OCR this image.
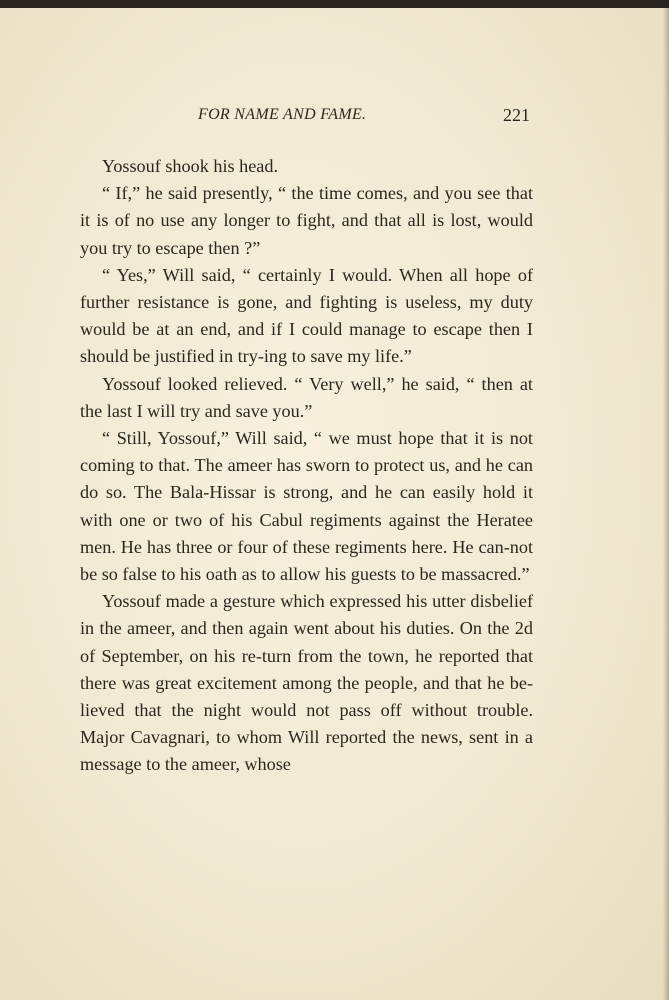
FOR NAME AND FAME.	221

Yossouf shook his head.

“ If,” he said presently, “ the time comes, and you see that it is of no use any longer to fight, and that all is lost, would you try to escape then ?”

“ Yes,” Will said, “ certainly I would. When all hope of further resistance is gone, and fighting is useless, my duty would be at an end, and if I could manage to escape then I should be justified in try-ing to save my life.”

Yossouf looked relieved. “ Very well,” he said, “ then at the last I will try and save you.”

“ Still, Yossouf,” Will said, “ we must hope that it is not coming to that. The ameer has sworn to protect us, and he can do so. The Bala-Hissar is strong, and he can easily hold it with one or two of his Cabul regiments against the Heratee men. He has three or four of these regiments here. He can-not be so false to his oath as to allow his guests to be massacred.”

Yossouf made a gesture which expressed his utter disbelief in the ameer, and then again went about his duties. On the 2d of September, on his re-turn from the town, he reported that there was great excitement among the people, and that he be-lieved that the night would not pass off without trouble. Major Cavagnari, to whom Will reported the news, sent in a message to the ameer, whose
